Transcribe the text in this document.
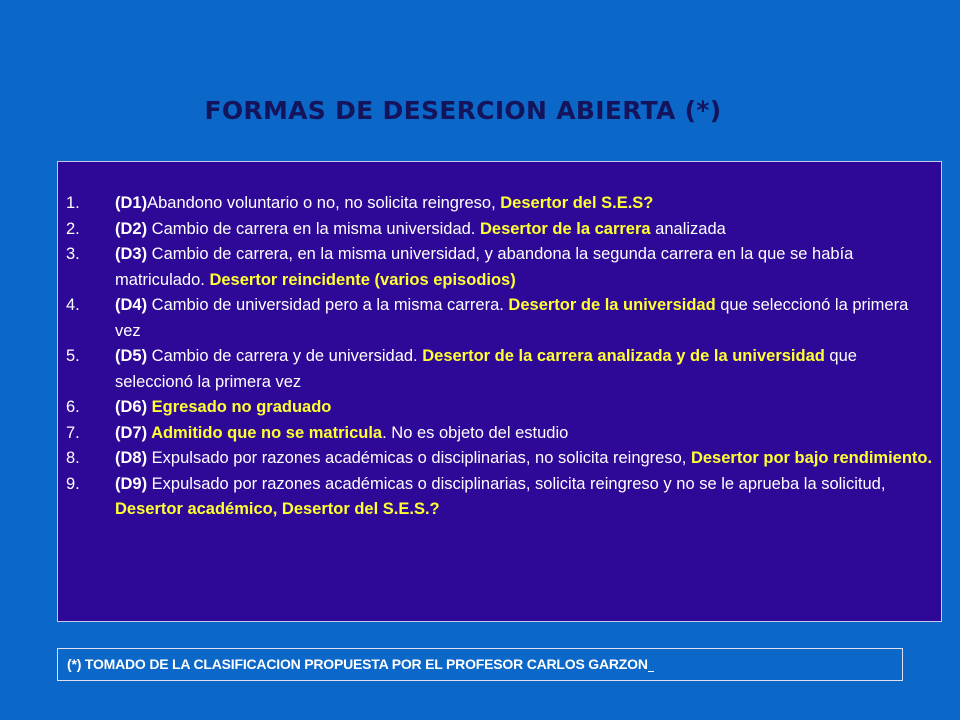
FORMAS DE DESERCION ABIERTA (*)
1.	(D1)Abandono voluntario o no, no solicita reingreso, Desertor del S.E.S?
2.	(D2) Cambio de carrera en la misma universidad. Desertor de la carrera analizada
3.	(D3) Cambio de carrera, en la misma universidad, y abandona la segunda carrera en la que se había matriculado. Desertor reincidente (varios episodios)
4.	(D4) Cambio de universidad pero a la misma carrera. Desertor de la universidad que seleccionó la primera vez
5.	(D5) Cambio de carrera y de universidad. Desertor de la carrera analizada y de la universidad que seleccionó la primera vez
6.	(D6) Egresado no graduado
7.	(D7) Admitido que no se matricula. No es objeto del estudio
8.	(D8) Expulsado por razones académicas o disciplinarias, no solicita reingreso, Desertor por bajo rendimiento.
9.	(D9) Expulsado por razones académicas o disciplinarias, solicita reingreso y no se le aprueba la solicitud, Desertor académico, Desertor del S.E.S.?
(*) TOMADO DE LA CLASIFICACION PROPUESTA POR EL PROFESOR CARLOS GARZON
